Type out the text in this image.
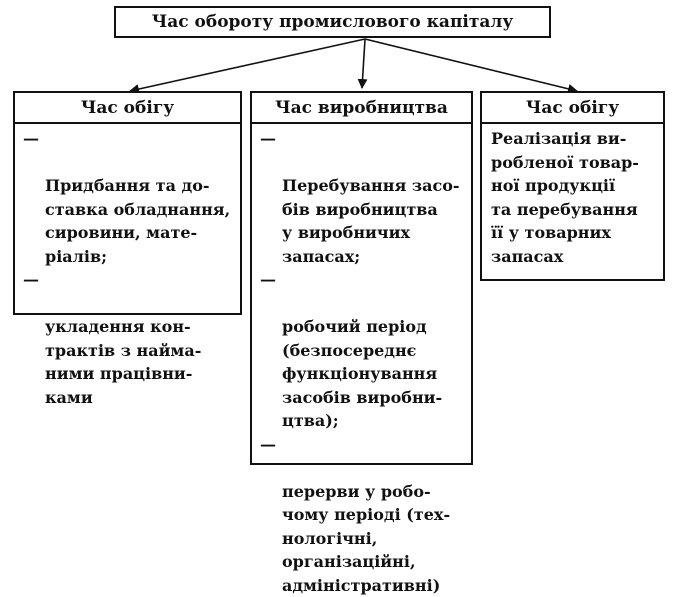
Час обороту промислового капіталу
Час обігу

—

Придбання та до-
ставка обладнання,
сировини, мате-
ріалів;

—

укладення кон-
трактів з найма-
ними працівни-
ками

Час виробництва

—

Перебування засо-
бів виробництва
у виробничих
запасах;

—

робочий період
(безпосереднє
функціонування
засобів виробни-
цтва);

—

перерви у робо-
чому періоді (тех-
нологічні,
організаційні,
адміністративні)

Час обігу
Реалізація ви-
робленої товар-
ної продукції
та перебування
її у товарних
запасах
